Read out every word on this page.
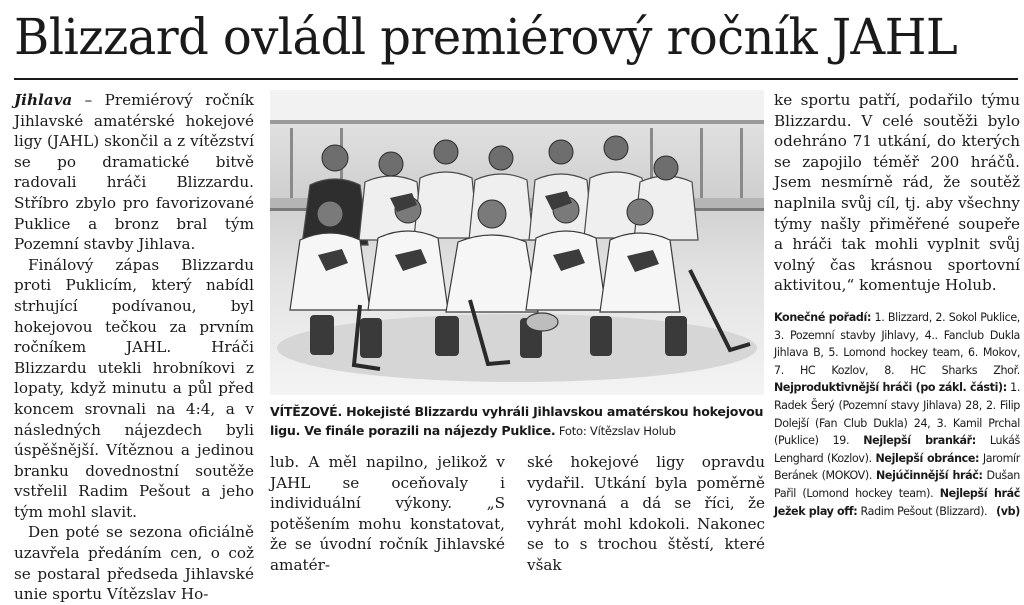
Blizzard ovládl premiérový ročník JAHL

Jihlava – Premiérový ročník Jihlavské amatérské hokejové ligy (JAHL) skončil a z vítězství se po dramatické bitvě radovali hráči Blizzardu. Stříbro zbylo pro favorizované Puklice a bronz bral tým Pozemní stavby Jihlava.

Finálový zápas Blizzardu proti Puklicím, který nabídl strhující podívanou, byl hokejovou tečkou za prvním ročníkem JAHL. Hráči Blizzardu utekli hrobníkovi z lopaty, když minutu a půl před koncem srovnali na 4:4, a v následných nájezdech byli úspěšnější. Vítěznou a jedinou branku dovednostní soutěže vstřelil Radim Pešout a jeho tým mohl slavit.

Den poté se sezona oficiálně uzavřela předáním cen, o což se postaral předseda Jihlavské unie sportu Vítězslav Ho-

VÍTĚZOVÉ. Hokejisté Blizzardu vyhráli Jihlavskou amatérskou hokejovou ligu. Ve finále porazili na nájezdy Puklice. Foto: Vítězslav Holub

lub. A měl napilno, jelikož v JAHL se oceňovaly i individuální výkony. „S potěšením mohu konstatovat, že se úvodní ročník Jihlavské amatér-

ské hokejové ligy opravdu vydařil. Utkání byla poměrně vyrovnaná a dá se říci, že vyhrát mohl kdokoli. Nakonec se to s trochou štěstí, které však

ke sportu patří, podařilo týmu Blizzardu. V celé soutěži bylo odehráno 71 utkání, do kterých se zapojilo téměř 200 hráčů. Jsem nesmírně rád, že soutěž naplnila svůj cíl, tj. aby všechny týmy našly přiměřené soupeře a hráči tak mohli vyplnit svůj volný čas krásnou sportovní aktivitou,“ komentuje Holub.

Konečné pořadí: 1. Blizzard, 2. Sokol Puklice, 3. Pozemní stavby Jihlavy, 4.. Fanclub Dukla Jihlava B, 5. Lomond hockey team, 6. Mokov, 7. HC Kozlov, 8. HC Sharks Zhoř. Nejproduktivnější hráči (po zákl. části): 1. Radek Šerý (Pozemní stavy Jihlava) 28, 2. Filip Dolejší (Fan Club Dukla) 24, 3. Kamil Prchal (Puklice) 19. Nejlepší brankář: Lukáš Lenghard (Kozlov). Nejlepší obránce: Jaromír Beránek (MOKOV). Nejúčinnější hráč: Dušan Pařil (Lomond hockey team). Nejlepší hráč Ježek play off: Radim Pešout (Blizzard). (vb)
